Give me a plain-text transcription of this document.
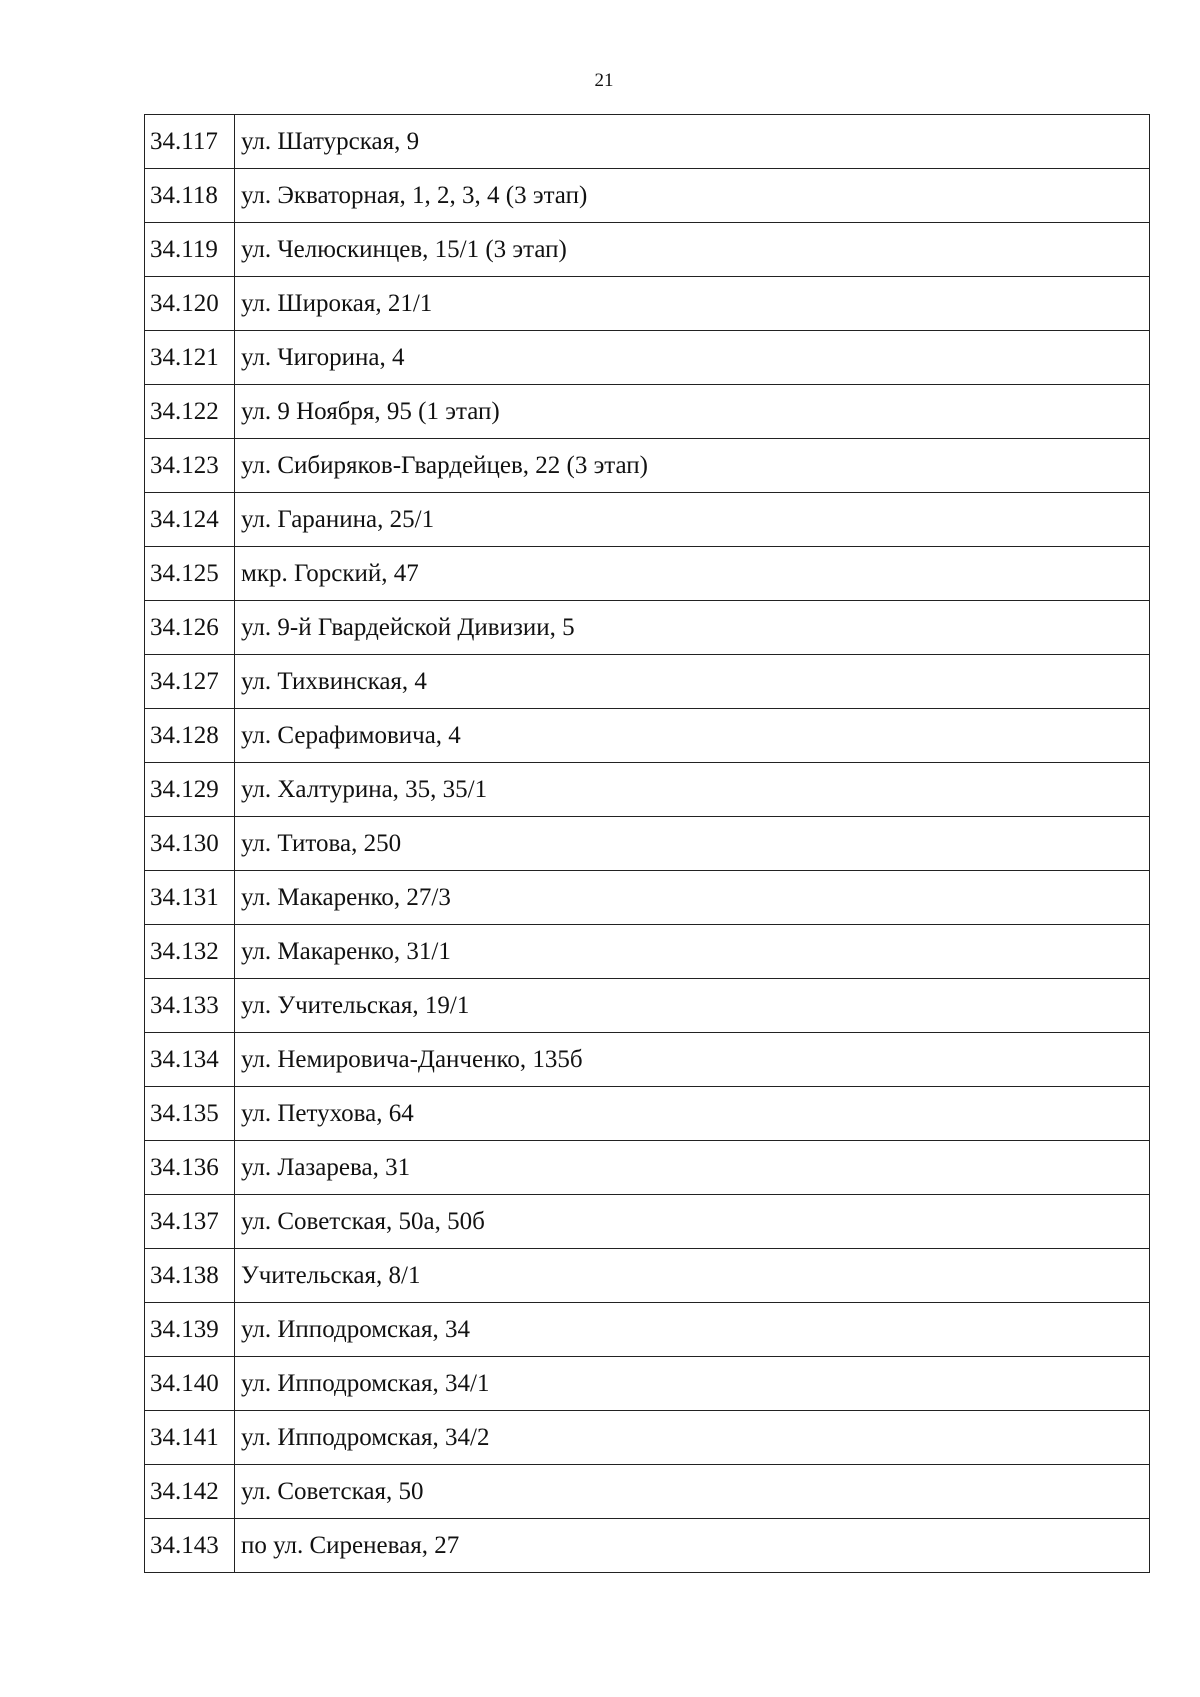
21
34.117	ул. Шатурская, 9
34.118	ул. Экваторная, 1, 2, 3, 4 (3 этап)
34.119	ул. Челюскинцев, 15/1 (3 этап)
34.120	ул. Широкая, 21/1
34.121	ул. Чигорина, 4
34.122	ул. 9 Ноября, 95 (1 этап)
34.123	ул. Сибиряков-Гвардейцев, 22 (3 этап)
34.124	ул. Гаранина, 25/1
34.125	мкр. Горский, 47
34.126	ул. 9-й Гвардейской Дивизии, 5
34.127	ул. Тихвинская, 4
34.128	ул. Серафимовича, 4
34.129	ул. Халтурина, 35, 35/1
34.130	ул. Титова, 250
34.131	ул. Макаренко, 27/3
34.132	ул. Макаренко, 31/1
34.133	ул. Учительская, 19/1
34.134	ул. Немировича-Данченко, 135б
34.135	ул. Петухова, 64
34.136	ул. Лазарева, 31
34.137	ул. Советская, 50а, 50б
34.138	Учительская, 8/1
34.139	ул. Ипподромская, 34
34.140	ул. Ипподромская, 34/1
34.141	ул. Ипподромская, 34/2
34.142	ул. Советская, 50
34.143	по ул. Сиреневая, 27
